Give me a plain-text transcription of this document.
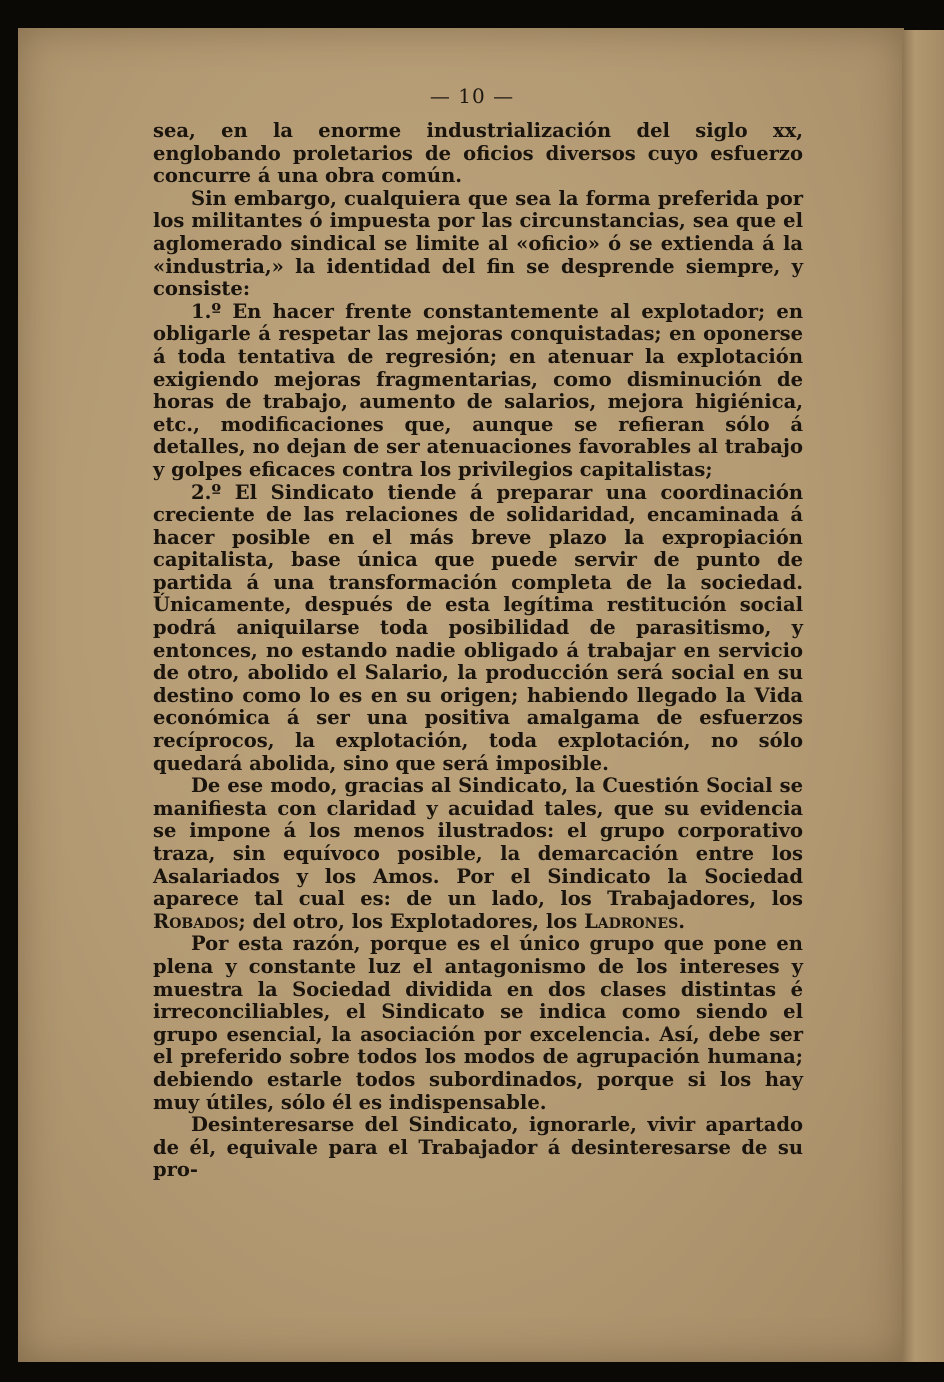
— 10 —

sea, en la enorme industrialización del siglo xx, englobando proletarios de oficios diversos cuyo esfuerzo concurre á una obra común.

Sin embargo, cualquiera que sea la forma preferida por los militantes ó impuesta por las circunstancias, sea que el aglomerado sindical se limite al «oficio» ó se extienda á la «industria,» la identidad del fin se desprende siempre, y consiste:

1.º En hacer frente constantemente al explotador; en obligarle á respetar las mejoras conquistadas; en oponerse á toda tentativa de regresión; en atenuar la explotación exigiendo mejoras fragmentarias, como disminución de horas de trabajo, aumento de salarios, mejora higiénica, etc., modificaciones que, aunque se refieran sólo á detalles, no dejan de ser atenuaciones favorables al trabajo y golpes eficaces contra los privilegios capitalistas;

2.º El Sindicato tiende á preparar una coordinación creciente de las relaciones de solidaridad, encaminada á hacer posible en el más breve plazo la expropiación capitalista, base única que puede servir de punto de partida á una transformación completa de la sociedad. Únicamente, después de esta legítima restitución social podrá aniquilarse toda posibilidad de parasitismo, y entonces, no estando nadie obligado á trabajar en servicio de otro, abolido el Salario, la producción será social en su destino como lo es en su origen; habiendo llegado la Vida económica á ser una positiva amalgama de esfuerzos recíprocos, la explotación, toda explotación, no sólo quedará abolida, sino que será imposible.

De ese modo, gracias al Sindicato, la Cuestión Social se manifiesta con claridad y acuidad tales, que su evidencia se impone á los menos ilustrados: el grupo corporativo traza, sin equívoco posible, la demarcación entre los Asalariados y los Amos. Por el Sindicato la Sociedad aparece tal cual es: de un lado, los Trabajadores, los Robados; del otro, los Explotadores, los Ladrones.

Por esta razón, porque es el único grupo que pone en plena y constante luz el antagonismo de los intereses y muestra la Sociedad dividida en dos clases distintas é irreconciliables, el Sindicato se indica como siendo el grupo esencial, la asociación por excelencia. Así, debe ser el preferido sobre todos los modos de agrupación humana; debiendo estarle todos subordinados, porque si los hay muy útiles, sólo él es indispensable.

Desinteresarse del Sindicato, ignorarle, vivir apartado de él, equivale para el Trabajador á desinteresarse de su pro-
